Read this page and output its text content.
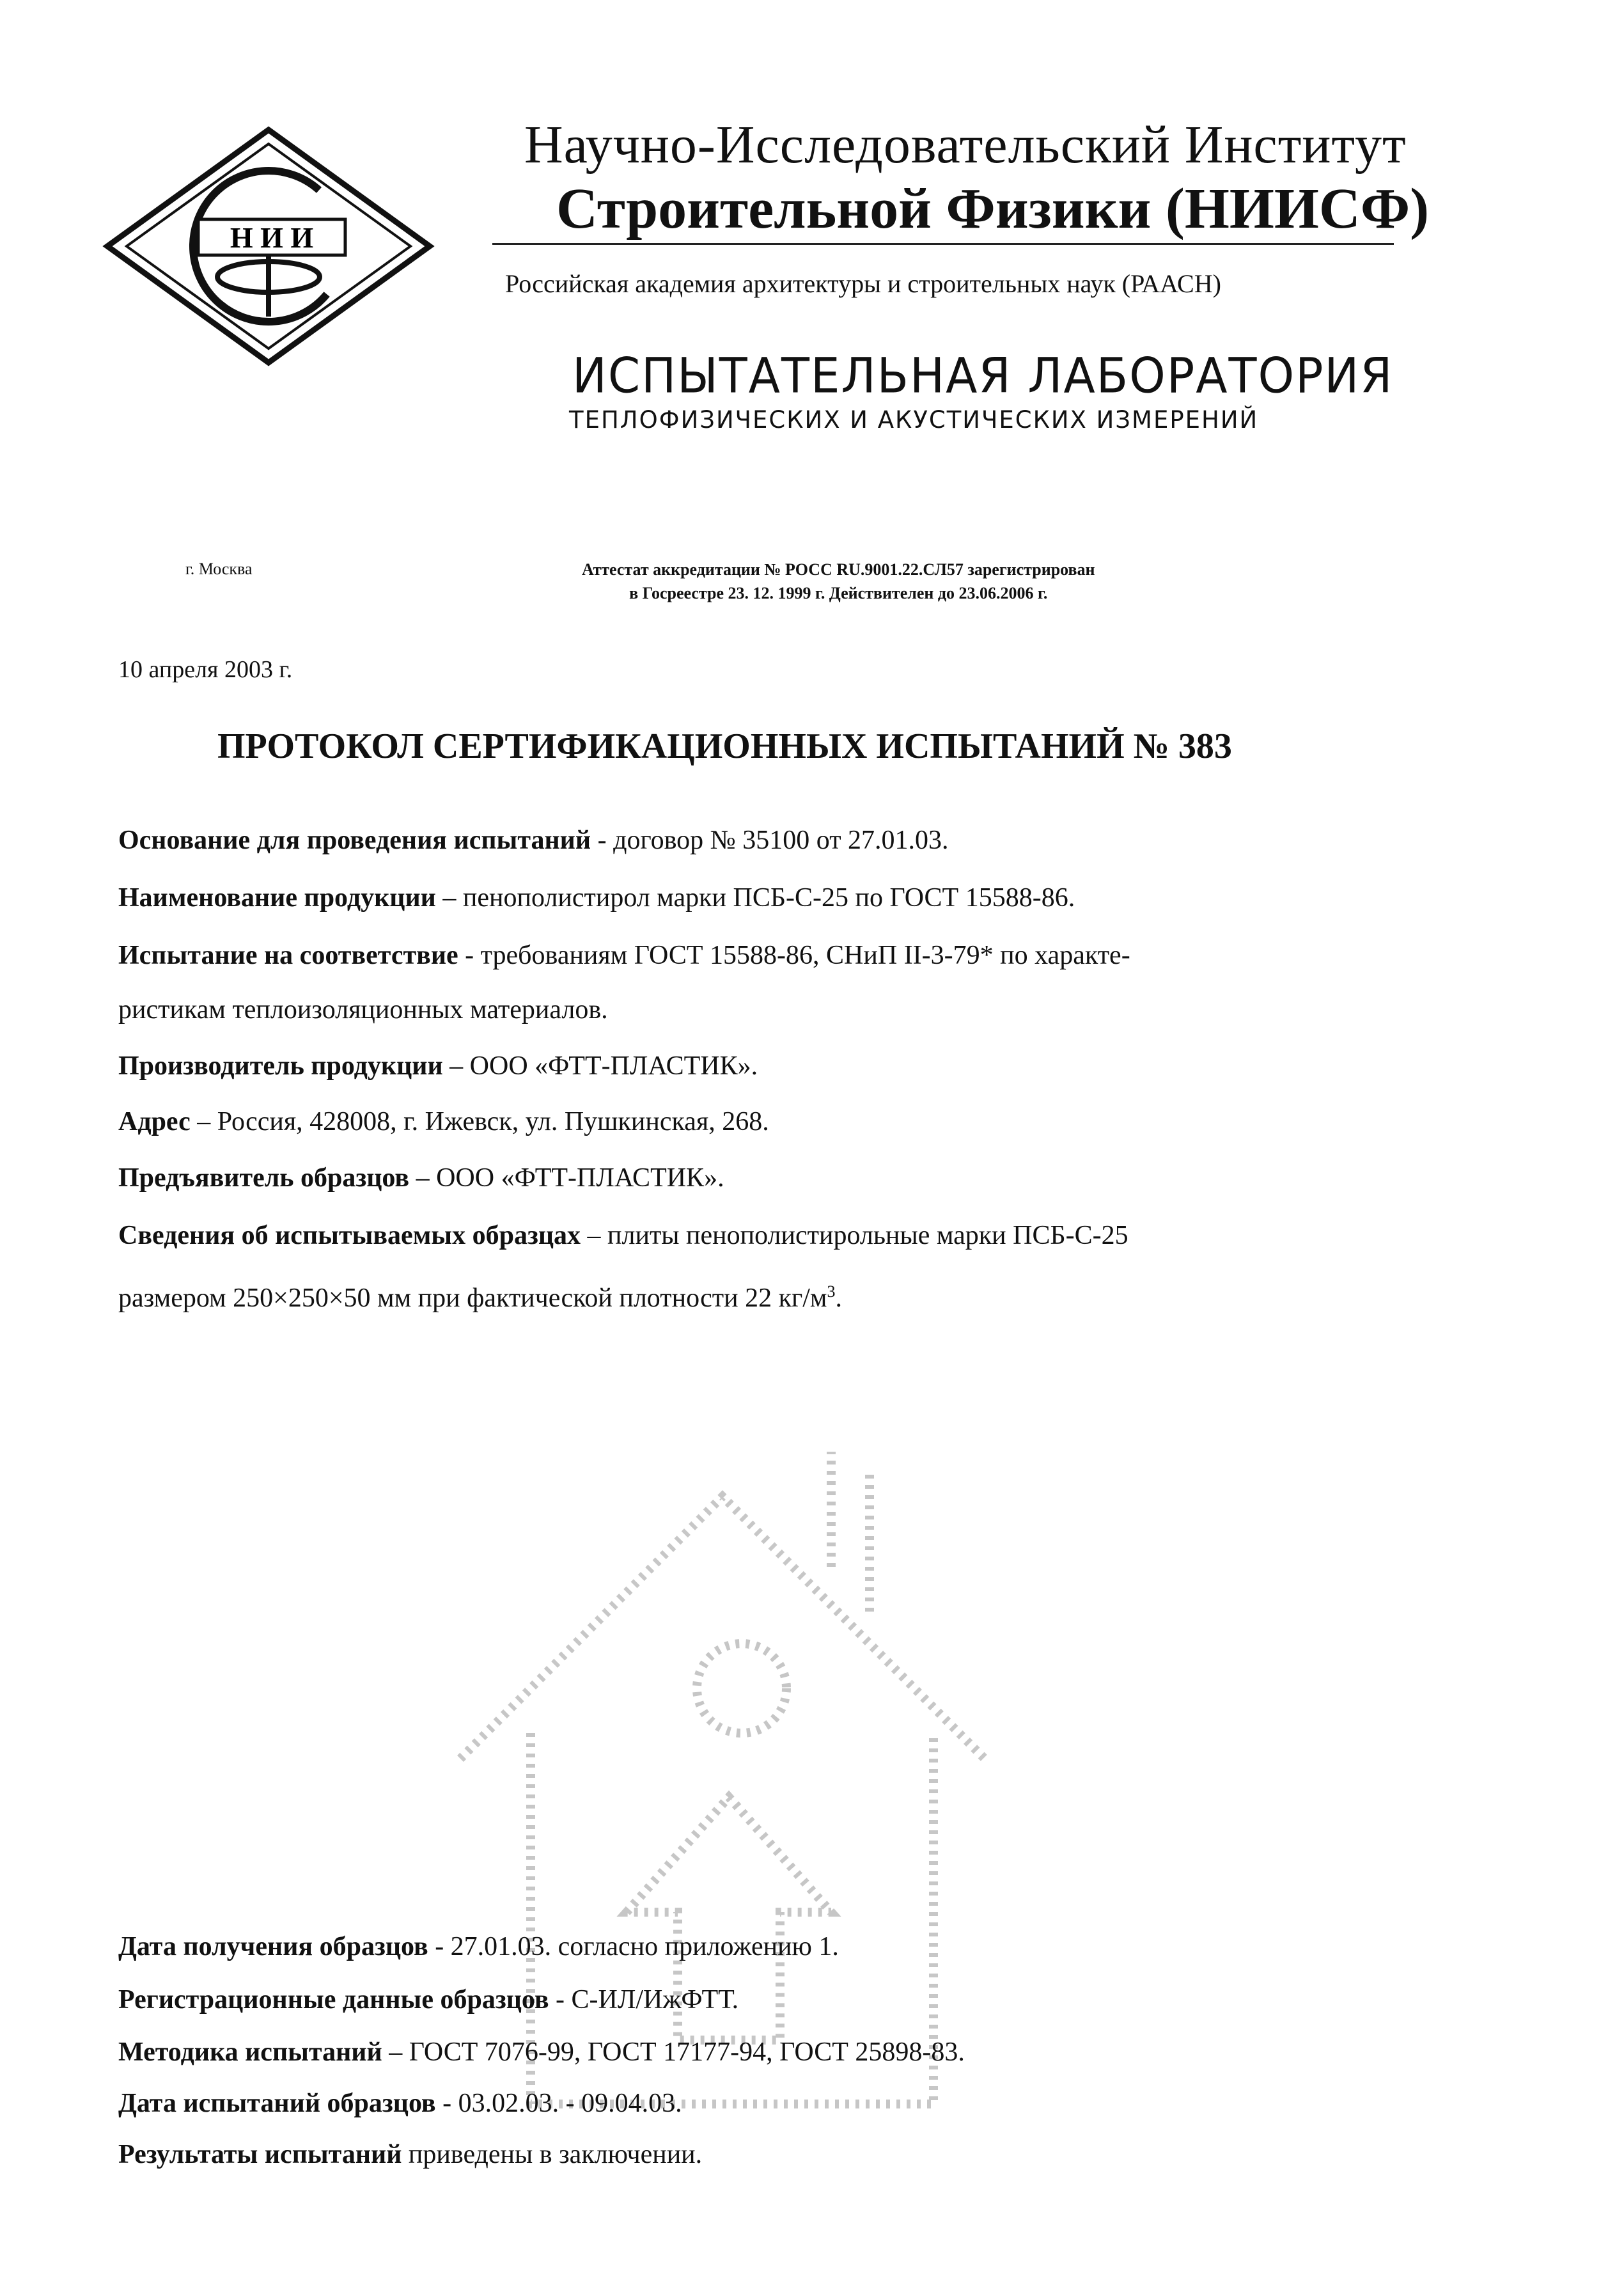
Н И И
Научно-Исследовательский Институт
Строительной Физики (НИИСФ)
Российская академия архитектуры и строительных наук (РААСН)
ИСПЫТАТЕЛЬНАЯ ЛАБОРАТОРИЯ
ТЕПЛОФИЗИЧЕСКИХ И АКУСТИЧЕСКИХ ИЗМЕРЕНИЙ
г. Москва	Аттестат аккредитации № РОСС RU.9001.22.СЛ57 зарегистрирован
в Госреестре 23. 12. 1999 г. Действителен до 23.06.2006 г.
10 апреля 2003 г.
ПРОТОКОЛ СЕРТИФИКАЦИОННЫХ ИСПЫТАНИЙ № 383
Основание для проведения испытаний - договор № 35100 от 27.01.03.
Наименование продукции – пенополистирол марки ПСБ-С-25 по ГОСТ 15588-86.
Испытание на соответствие - требованиям ГОСТ 15588-86, СНиП II-3-79* по характе-
ристикам теплоизоляционных материалов.
Производитель продукции – ООО «ФТТ-ПЛАСТИК».
Адрес – Россия, 428008, г. Ижевск, ул. Пушкинская, 268.
Предъявитель образцов – ООО «ФТТ-ПЛАСТИК».
Сведения об испытываемых образцах – плиты пенополистирольные марки ПСБ-С-25
размером 250×250×50 мм при фактической плотности 22 $кг/м^3$.
Дата получения образцов - 27.01.03. согласно приложению 1.
Регистрационные данные образцов - С-ИЛ/ИжФТТ.
Методика испытаний – ГОСТ 7076-99, ГОСТ 17177-94, ГОСТ 25898-83.
Дата испытаний образцов - 03.02.03. - 09.04.03.
Результаты испытаний приведены в заключении.
